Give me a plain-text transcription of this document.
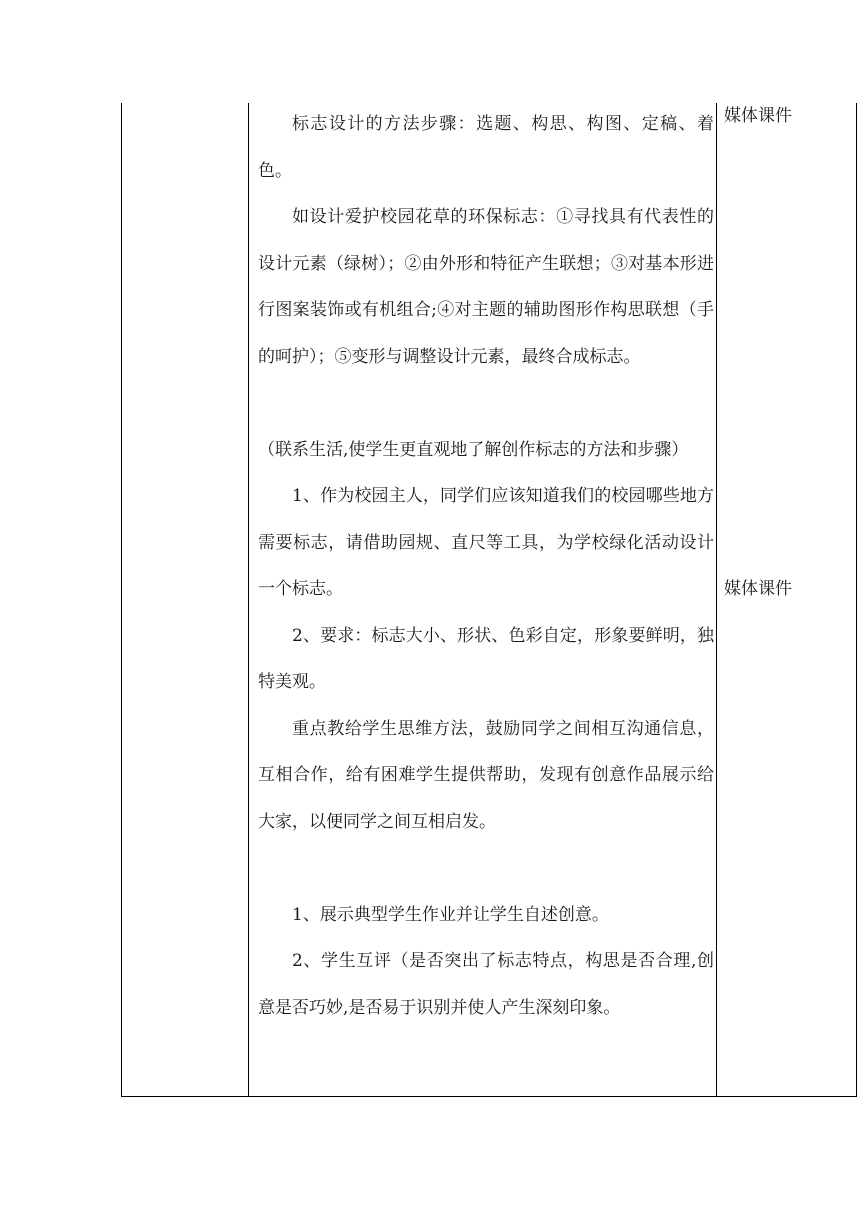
标志设计的方法步骤：选题、构思、构图、定稿、着色。

如设计爱护校园花草的环保标志：①寻找具有代表性的设计元素（绿树）；②由外形和特征产生联想；③对基本形进行图案装饰或有机组合;④对主题的辅助图形作构思联想（手的呵护）；⑤变形与调整设计元素，最终合成标志。

（联系生活,使学生更直观地了解创作标志的方法和步骤）

1、作为校园主人，同学们应该知道我们的校园哪些地方需要标志，请借助园规、直尺等工具，为学校绿化活动设计一个标志。

2、要求：标志大小、形状、色彩自定，形象要鲜明，独特美观。

重点教给学生思维方法，鼓励同学之间相互沟通信息，互相合作，给有困难学生提供帮助，发现有创意作品展示给大家，以便同学之间互相启发。

1、展示典型学生作业并让学生自述创意。

2、学生互评（是否突出了标志特点，构思是否合理,创意是否巧妙,是否易于识别并使人产生深刻印象。

媒体课件
媒体课件
